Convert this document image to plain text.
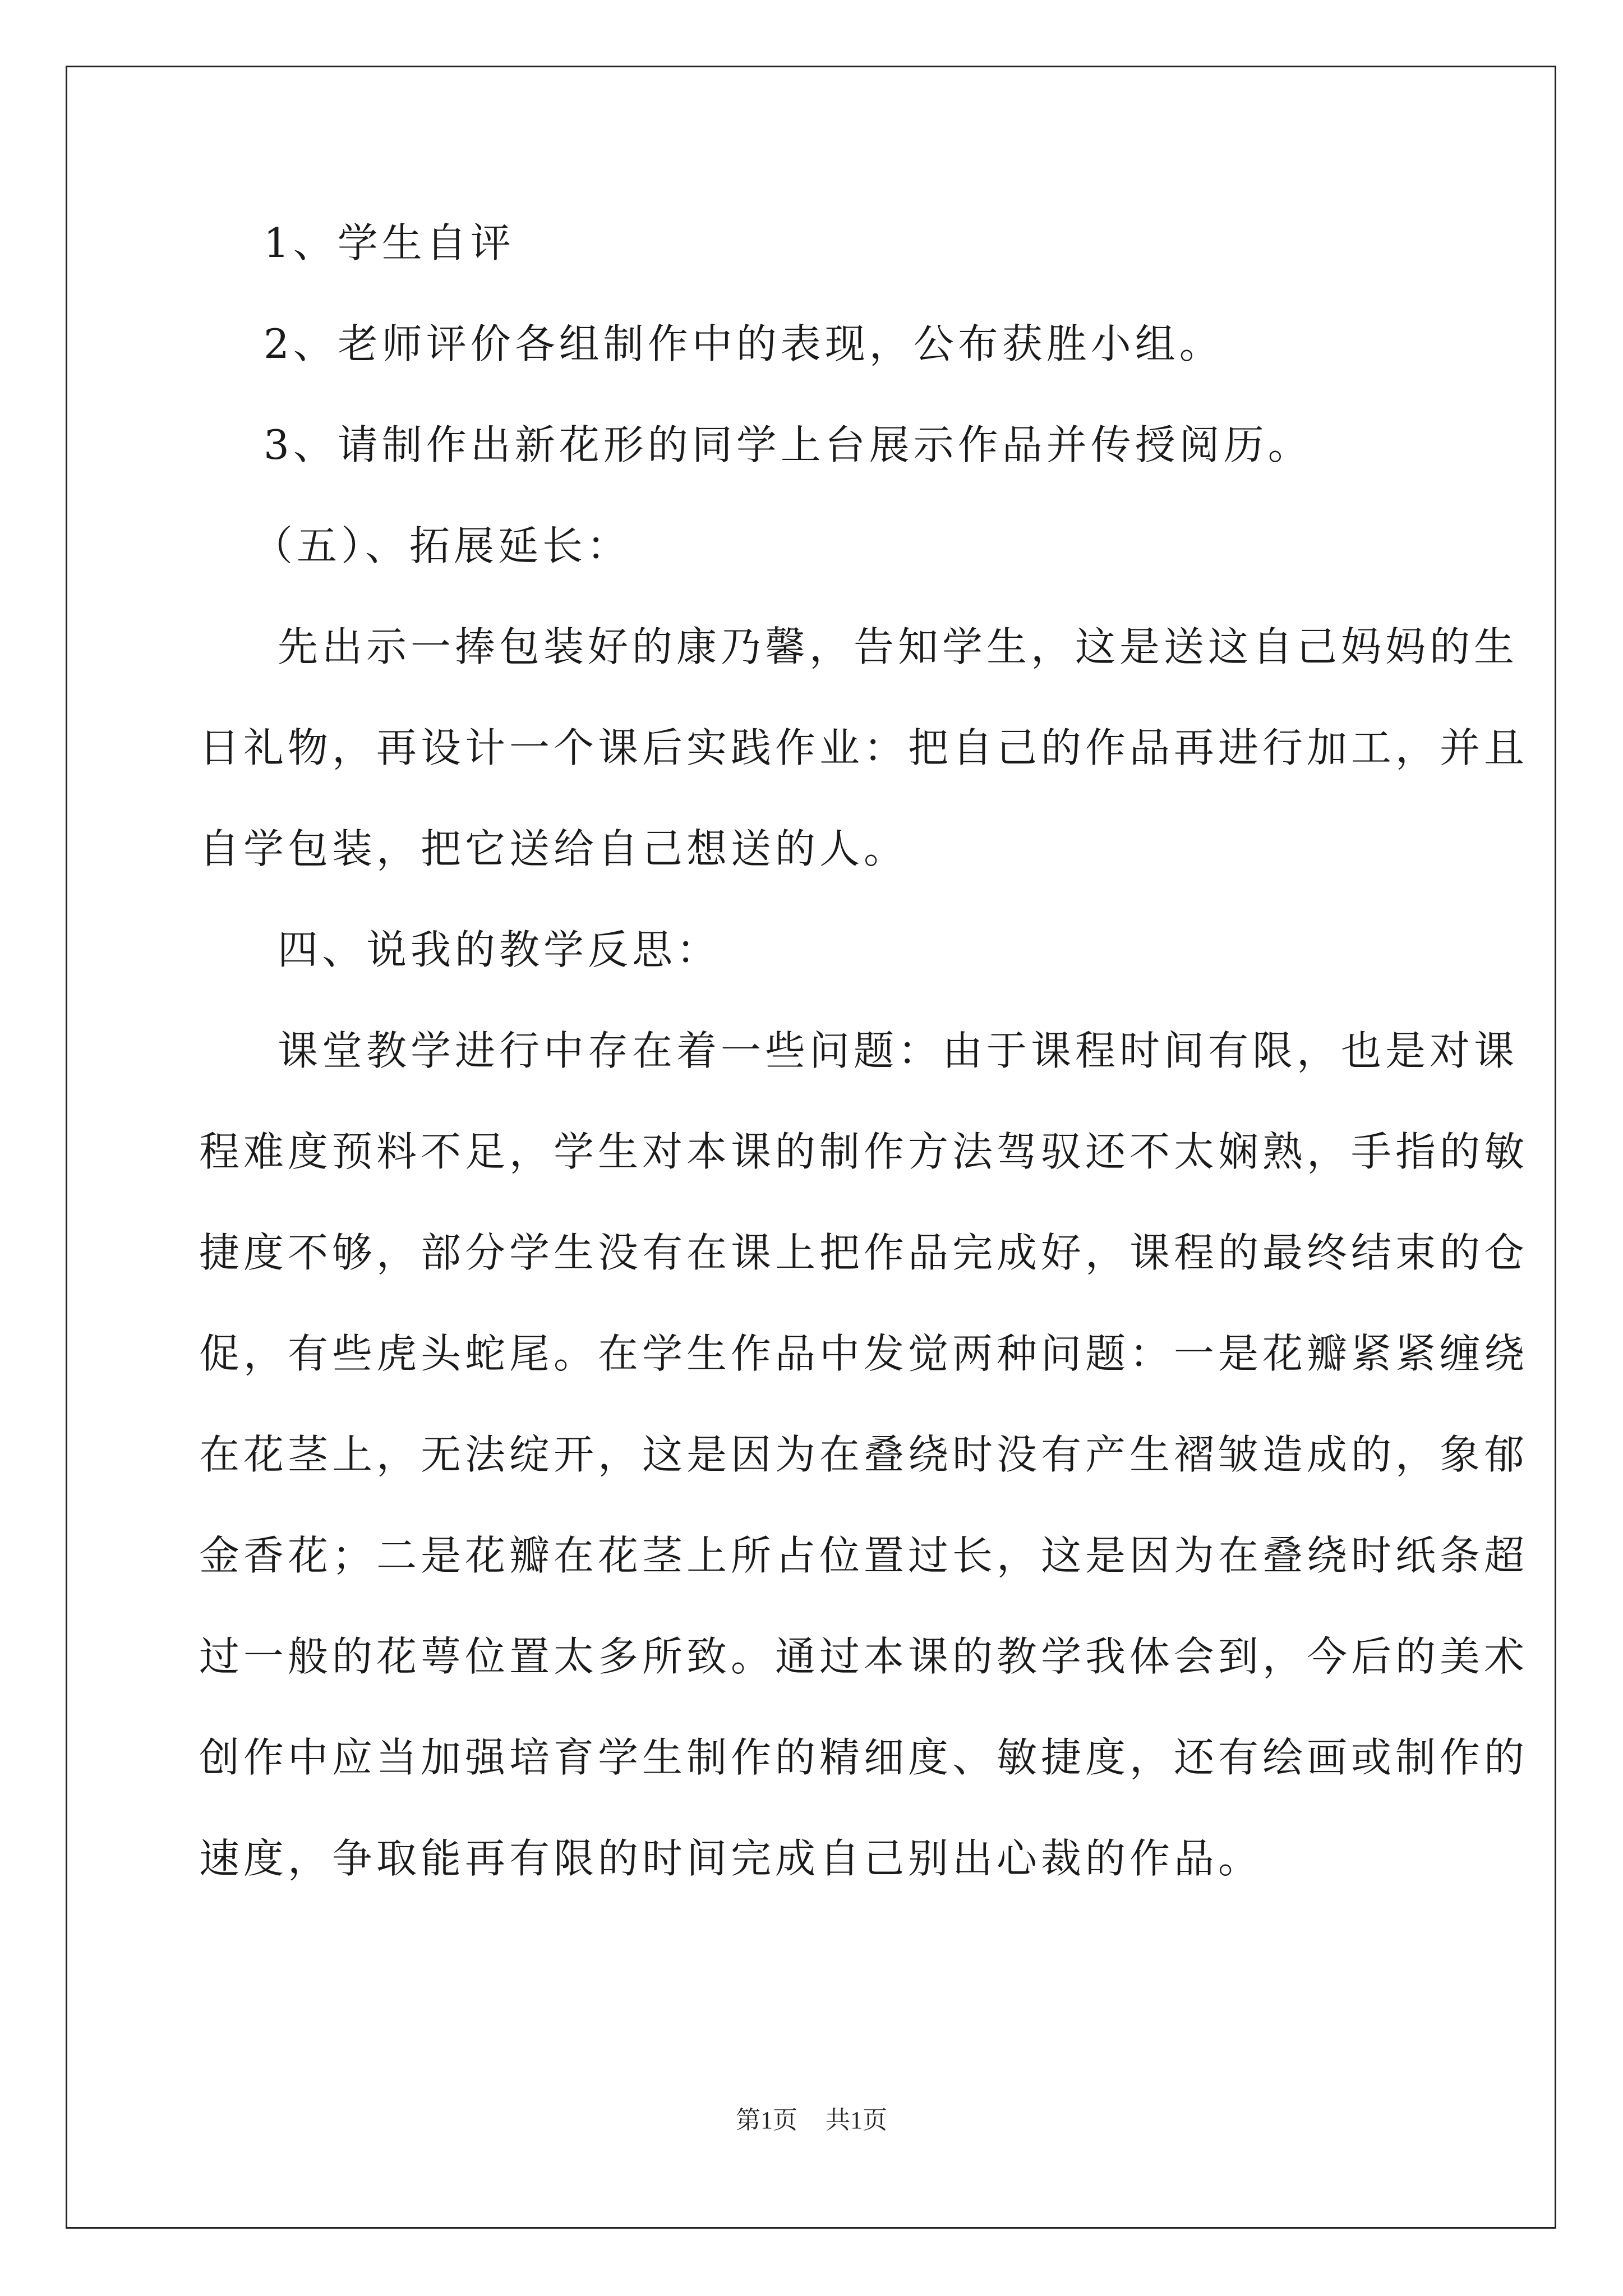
1、学生自评
2、老师评价各组制作中的表现，公布获胜小组。
3、请制作出新花形的同学上台展示作品并传授阅历。
（五）、拓展延长：
先出示一捧包装好的康乃馨，告知学生，这是送这自己妈妈的生
日礼物，再设计一个课后实践作业：把自己的作品再进行加工，并且
自学包装，把它送给自己想送的人。
四、说我的教学反思：
课堂教学进行中存在着一些问题：由于课程时间有限，也是对课
程难度预料不足，学生对本课的制作方法驾驭还不太娴熟，手指的敏
捷度不够，部分学生没有在课上把作品完成好，课程的最终结束的仓
促，有些虎头蛇尾。在学生作品中发觉两种问题：一是花瓣紧紧缠绕
在花茎上，无法绽开，这是因为在叠绕时没有产生褶皱造成的，象郁
金香花；二是花瓣在花茎上所占位置过长，这是因为在叠绕时纸条超
过一般的花萼位置太多所致。通过本课的教学我体会到，今后的美术
创作中应当加强培育学生制作的精细度、敏捷度，还有绘画或制作的
速度，争取能再有限的时间完成自己别出心裁的作品。
第1页 共1页
